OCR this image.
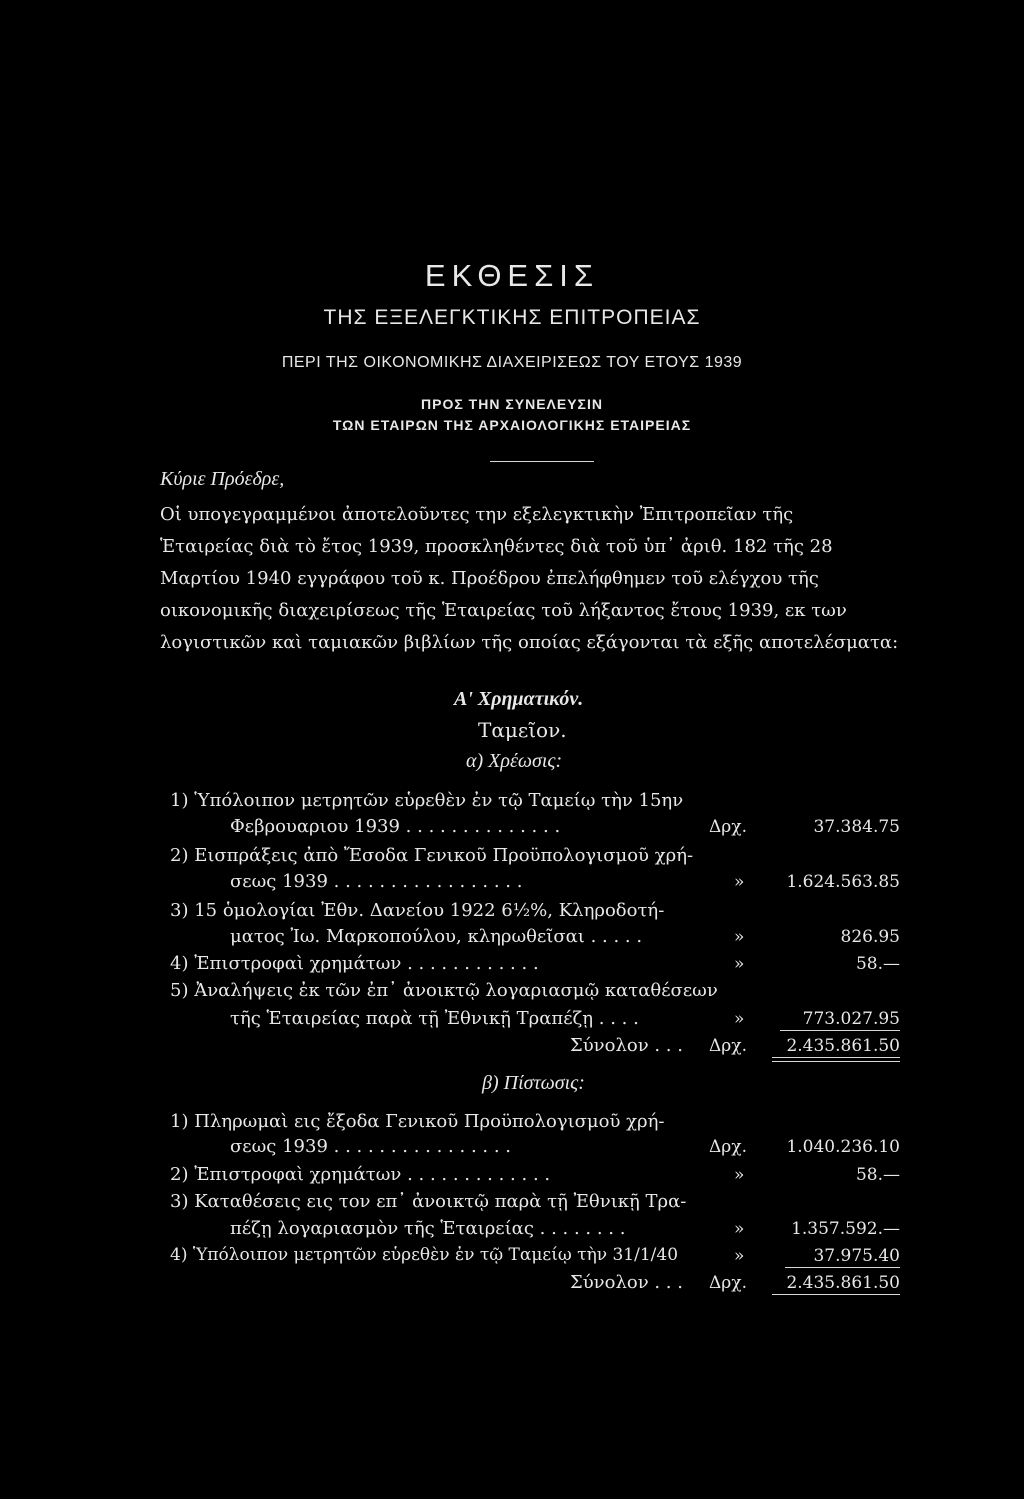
ΕΚΘΕΣΙΣ
ΤΗΣ ΕΞΕΛΕΓΚΤΙΚΗΣ ΕΠΙΤΡΟΠΕΙΑΣ
ΠΕΡΙ ΤΗΣ ΟΙΚΟΝΟΜΙΚΗΣ ΔΙΑΧΕΙΡΙΣΕΩΣ ΤΟΥ ΕΤΟΥΣ 1939
ΠΡΟΣ ΤΗΝ ΣΥΝΕΛΕΥΣΙΝ
ΤΩΝ ΕΤΑΙΡΩΝ ΤΗΣ ΑΡΧΑΙΟΛΟΓΙΚΗΣ ΕΤΑΙΡΕΙΑΣ
Κύριε Πρόεδρε,
Οἱ υπογεγραμμένοι ἀποτελοῦντες την εξελεγκτικὴν Ἐπιτροπεῖαν τῆς
Ἑταιρείας διὰ τὸ ἔτος 1939, προσκληθέντες διὰ τοῦ ὑπ᾽ ἀριθ. 182 τῆς 28
Μαρτίου 1940 εγγράφου τοῦ κ. Προέδρου ἐπελήφθημεν τοῦ ελέγχου τῆς
οικονομικῆς διαχειρίσεως τῆς Ἑταιρείας τοῦ λήξαντος ἔτους 1939, εκ των
λογιστικῶν καὶ ταμιακῶν βιβλίων τῆς οποίας εξάγονται τὰ εξῆς αποτελέσματα:
Α' Χρηματικόν.
Ταμεῖον.
α) Χρέωσις:
1) Ὑπόλοιπον μετρητῶν εὑρεθὲν ἐν τῷ Ταμείῳ τὴν 15ην
Φεβρουαριου 1939 . . . . . . . . . . . . . .	Δρχ.	37.384.75
2) Εισπράξεις ἀπὸ Ἔσοδα Γενικοῦ Προϋπολογισμοῦ χρή-
σεως 1939 . . . . . . . . . . . . . . . . .	» 1.624.563.85
3) 15 ὁμολογίαι Ἐθν. Δανείου 1922 6½%, Κληροδοτή-
ματος Ἰω. Μαρκοπούλου, κληρωθεῖσαι . . . . .	»	826.95
4) Ἐπιστροφαὶ χρημάτων . . . . . . . . . . . .	»	58.—
5) Ἀναλήψεις ἐκ τῶν ἐπ᾽ ἀνοικτῷ λογαριασμῷ καταθέσεων
τῆς Ἑταιρείας παρὰ τῇ Ἐθνικῇ Τραπέζῃ . . . .	»	773.027.95
Σύνολον . . . Δρχ. 2.435.861.50
β) Πίστωσις:
1) Πληρωμαὶ εις ἔξοδα Γενικοῦ Προϋπολογισμοῦ χρή-
σεως 1939 . . . . . . . . . . . . . . . .	Δρχ. 1.040.236.10
2) Ἐπιστροφαὶ χρημάτων . . . . . . . . . . . . .	»	58.—
3) Καταθέσεις εις τον επ᾽ ἀνοικτῷ παρὰ τῇ Ἐθνικῇ Τρα-
πέζῃ λογαριασμὸν τῆς Ἑταιρείας . . . . . . . .	»	1.357.592.—
4) Ὑπόλοιπον μετρητῶν εὑρεθὲν ἐν τῷ Ταμείῳ τὴν 31/1/40	»	37.975.40
Σύνολον . . . Δρχ. 2.435.861.50
